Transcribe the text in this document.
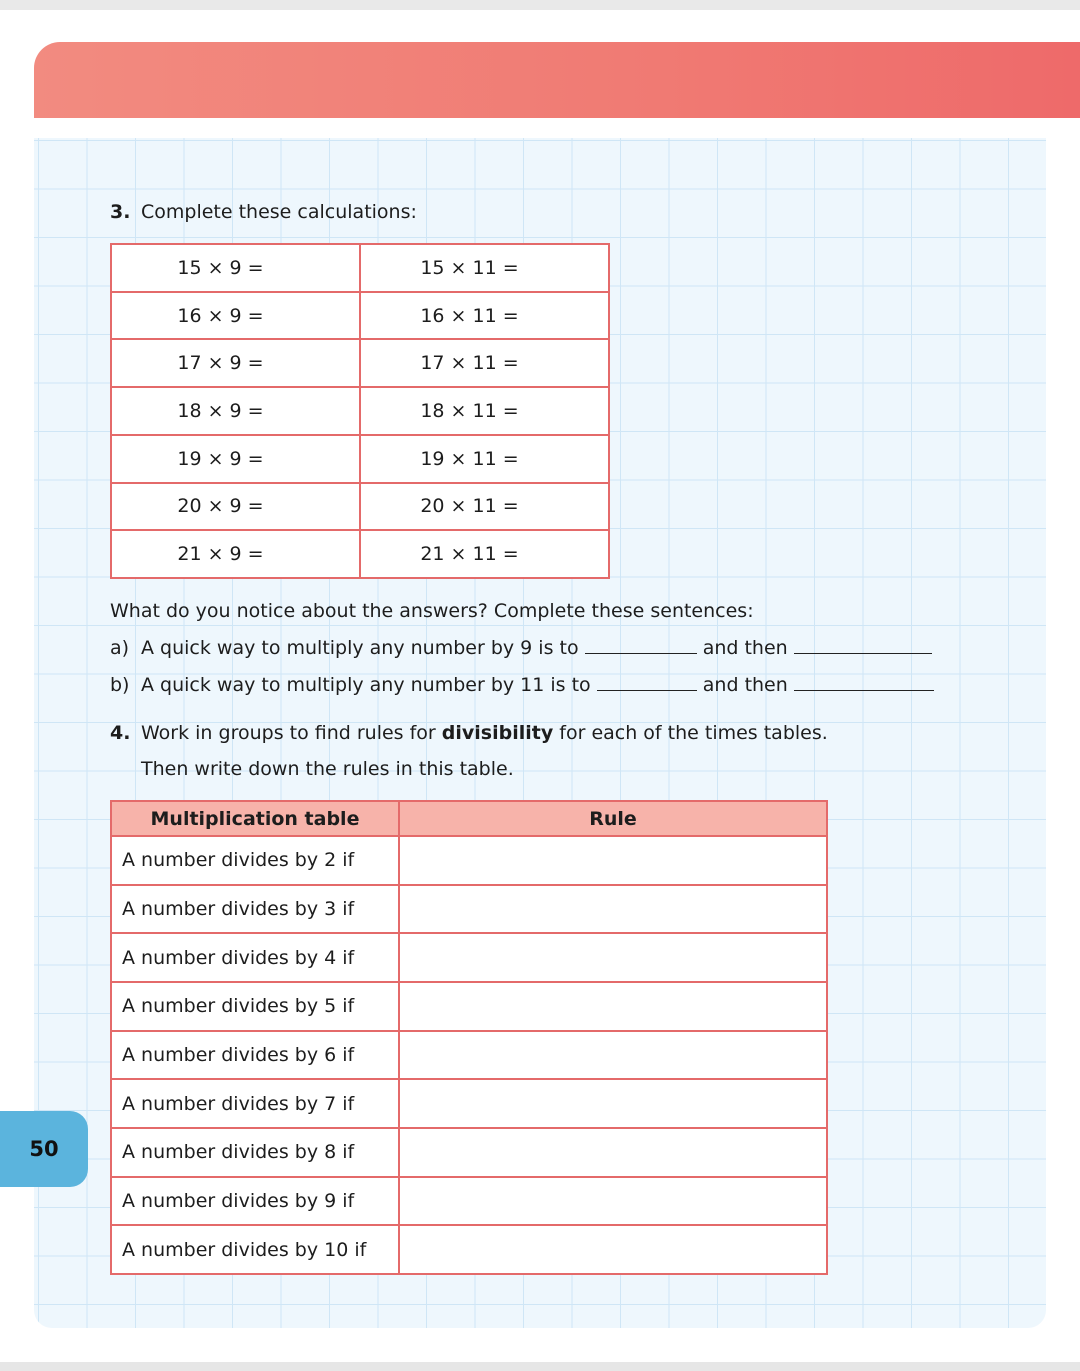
3. Complete these calculations:
15 × 9 =	15 × 11 =
16 × 9 =	16 × 11 =
17 × 9 =	17 × 11 =
18 × 9 =	18 × 11 =
19 × 9 =	19 × 11 =
20 × 9 =	20 × 11 =
21 × 9 =	21 × 11 =
What do you notice about the answers? Complete these sentences:
a) A quick way to multiply any number by 9 is to	and then
b) A quick way to multiply any number by 11 is to	and then
4. Work in groups to find rules for divisibility for each of the times tables.
Then write down the rules in this table.
Multiplication table	Rule
A number divides by 2 if	
A number divides by 3 if	
A number divides by 4 if	
A number divides by 5 if	
A number divides by 6 if	
A number divides by 7 if	
A number divides by 8 if	
A number divides by 9 if	
A number divides by 10 if	
50
